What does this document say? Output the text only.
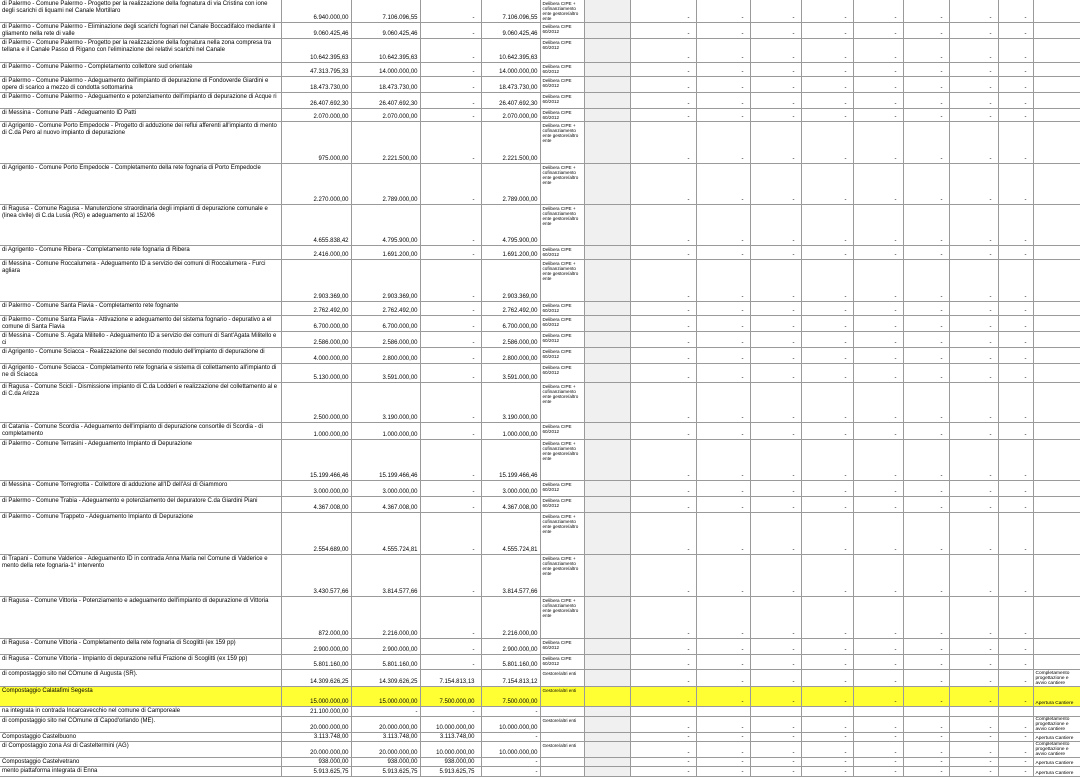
di Palermo - Comune Palermo - Progetto per la realizzazione della fognatura di via Cristina con ione degli scarichi di liquami nel Canale Mortillaro	6.940.000,00	7.106.096,55	-	7.106.096,55	Delibera CIPE + cofinanziamento ente gestore/altro ente		-	-	-	-	-	-	-	-	
di Palermo - Comune Palermo - Eliminazione degli scarichi fognari nel Canale Boccadifalco mediante il gliamento nella rete di valle	9.060.425,46	9.060.425,46	-	9.060.425,46	Delibera CIPE 60/2012		-	-	-	-	-	-	-	-	
di Palermo - Comune Palermo - Progetto per la realizzazione della fognatura nella zona compresa tra tellana e il Canale Passo di Rigano con l'eliminazione dei relativi scarichi nel Canale	10.642.395,63	10.642.395,63	-	10.642.395,63	Delibera CIPE 60/2012		-	-	-	-	-	-	-	-	
di Palermo - Comune Palermo - Completamento collettore sud orientale	47.313.795,33	14.000.000,00	-	14.000.000,00	Delibera CIPE 60/2012		-	-	-	-	-	-	-	-	
di Palermo - Comune Palermo - Adeguamento dell'impianto di depurazione di Fondoverde Giardini e opere di scarico a mezzo di condotta sottomarina	18.473.730,00	18.473.730,00	-	18.473.730,00	Delibera CIPE 60/2012		-	-	-	-	-	-	-	-	
di Palermo - Comune Palermo - Adeguamento e potenziamento dell'impianto di depurazione di Acque ri	26.407.692,30	26.407.692,30	-	26.407.692,30	Delibera CIPE 60/2012		-	-	-	-	-	-	-	-	
di Messina - Comune Patti - Adeguamento ID Patti	2.070.000,00	2.070.000,00	-	2.070.000,00	Delibera CIPE 60/2012		-	-	-	-	-	-	-	-	
di Agrigento - Comune Porto Empedocle - Progetto di adduzione dei reflui afferenti all'impianto di mento di C.da Pero al nuovo impianto di depurazione	975.000,00	2.221.500,00	-	2.221.500,00	Delibera CIPE + cofinanziamento ente gestore/altro ente		-	-	-	-	-	-	-	-	
di Agrigento - Comune Porto Empedocle - Completamento della rete fognaria di Porto Empedocle	2.270.000,00	2.789.000,00	-	2.789.000,00	Delibera CIPE + cofinanziamento ente gestore/altro ente		-	-	-	-	-	-	-	-	
di Ragusa - Comune Ragusa - Manutenzione straordinaria degli impianti di depurazione comunale e (linea civile) di C.da Lusia (RG) e adeguamento al 152/06	4.655.838,42	4.795.900,00	-	4.795.900,00	Delibera CIPE + cofinanziamento ente gestore/altro ente		-	-	-	-	-	-	-	-	
di Agrigento - Comune Ribera - Completamento rete fognaria di Ribera	2.416.000,00	1.691.200,00	-	1.691.200,00	Delibera CIPE 60/2012		-	-	-	-	-	-	-	-	
di Messina - Comune Roccalumera - Adeguamento ID a servizio dei comuni di Roccalumera - Furci agliara	2.903.369,00	2.903.369,00	-	2.903.369,00	Delibera CIPE + cofinanziamento ente gestore/altro ente		-	-	-	-	-	-	-	-	
di Palermo - Comune Santa Flavia - Completamento rete fognante	2.762.492,00	2.762.492,00	-	2.762.492,00	Delibera CIPE 60/2012		-	-	-	-	-	-	-	-	
di Palermo - Comune Santa Flavia - Attivazione e adeguamento del sistema fognario - depurativo a el comune di Santa Flavia	6.700.000,00	6.700.000,00	-	6.700.000,00	Delibera CIPE 60/2012		-	-	-	-	-	-	-	-	
di Messina - Comune S. Agata Militello - Adeguamento ID a servizio dei comuni di Sant'Agata Militello e ci	2.586.000,00	2.586.000,00	-	2.586.000,00	Delibera CIPE 60/2012		-	-	-	-	-	-	-	-	
di Agrigento - Comune Sciacca - Realizzazione del secondo modulo dell'impianto di depurazione di	4.000.000,00	2.800.000,00	-	2.800.000,00	Delibera CIPE 60/2012		-	-	-	-	-	-	-	-	
di Agrigento - Comune Sciacca - Completamento rete fognaria e sistema di collettamento all'impianto di ne di Sciacca	5.130.000,00	3.591.000,00	-	3.591.000,00	Delibera CIPE 60/2012		-	-	-	-	-	-	-	-	
di Ragusa - Comune Scicli - Dismissione impianto di C.da Lodderi e realizzazione del collettamento al e di C.da Arizza	2.500.000,00	3.190.000,00	-	3.190.000,00	Delibera CIPE + cofinanziamento ente gestore/altro ente		-	-	-	-	-	-	-	-	
di Catania - Comune Scordia - Adeguamento dell'impianto di depurazione consortile di Scordia - di completamento	1.000.000,00	1.000.000,00	-	1.000.000,00	Delibera CIPE 60/2012		-	-	-	-	-	-	-	-	
di Palermo - Comune Terrasini - Adeguamento Impianto di Depurazione	15.199.466,46	15.199.466,46	-	15.199.466,46	Delibera CIPE + cofinanziamento ente gestore/altro ente		-	-	-	-	-	-	-	-	
di Messina - Comune Torregrotta - Collettore di adduzione all'ID dell'Asi di Giammoro	3.000.000,00	3.000.000,00	-	3.000.000,00	Delibera CIPE 60/2012		-	-	-	-	-	-	-	-	
di Palermo - Comune Trabia - Adeguamento e potenziamento del depuratore C.da Giardini Piani	4.367.008,00	4.367.008,00	-	4.367.008,00	Delibera CIPE 60/2012		-	-	-	-	-	-	-	-	
di Palermo - Comune Trappeto - Adeguamento Impianto di Depurazione	2.554.689,00	4.555.724,81	-	4.555.724,81	Delibera CIPE + cofinanziamento ente gestore/altro ente		-	-	-	-	-	-	-	-	
di Trapani - Comune Valderice - Adeguamento ID in contrada Anna Maria nel Comune di Valderice e mento della rete fognaria-1° intervento	3.430.577,66	3.814.577,66	-	3.814.577,66	Delibera CIPE + cofinanziamento ente gestore/altro ente		-	-	-	-	-	-	-	-	
di Ragusa - Comune Vittoria - Potenziamento e adeguamento dell'impianto di depurazione di Vittoria	872.000,00	2.216.000,00	-	2.216.000,00	Delibera CIPE + cofinanziamento ente gestore/altro ente		-	-	-	-	-	-	-	-	
di Ragusa - Comune Vittoria - Completamento della rete fognaria di Scoglitti (ex 159 pp)	2.900.000,00	2.900.000,00	-	2.900.000,00	Delibera CIPE 60/2012		-	-	-	-	-	-	-	-	
di Ragusa - Comune Vittoria - Impianto di depurazione reflui Frazione di Scoglitti (ex 159 pp)	5.801.160,00	5.801.160,00	-	5.801.160,00	Delibera CIPE 60/2012		-	-	-	-	-	-	-	-	
di compostaggio sito nel COmune di Augusta (SR).	14.309.626,25	14.309.626,25	7.154.813,13	7.154.813,12	Gestore/altri enti		-	-	-	-	-	-	-	-	Completamento progettazione e avvio cantiere
Compostaggio Calatafimi Segesta	15.000.000,00	15.000.000,00	7.500.000,00	7.500.000,00	Gestore/altri enti		-	-	-	-	-	-	-	-	Apertura Cantiere
na integrata in contrada Incarcavecchio nel comune di Camporeale	21.100.000,00	-	-	-											
di compostaggio sito nel COmune di Capod'orlando (ME).	20.000.000,00	20.000.000,00	10.000.000,00	10.000.000,00	Gestore/altri enti		-	-	-	-	-	-	-	-	Completamento progettazione e avvio cantiere
Compostaggio Castelbuono	3.113.748,00	3.113.748,00	3.113.748,00	-			-	-	-	-	-	-	-	-	Apertura Cantiere
di Compostaggio zona Asi di Casteltermini (AG)	20.000.000,00	20.000.000,00	10.000.000,00	10.000.000,00	Gestore/altri enti		-	-	-	-	-	-	-	-	Completamento progettazione e avvio cantiere
Compostaggio Castelvetrano	938.000,00	938.000,00	938.000,00	-			-	-	-	-	-	-	-	-	Apertura Cantiere
mento piattaforma integrata di Enna	5.913.625,75	5.913.625,75	5.913.625,75	-			-	-	-	-	-	-	-	-	Apertura Cantiere
